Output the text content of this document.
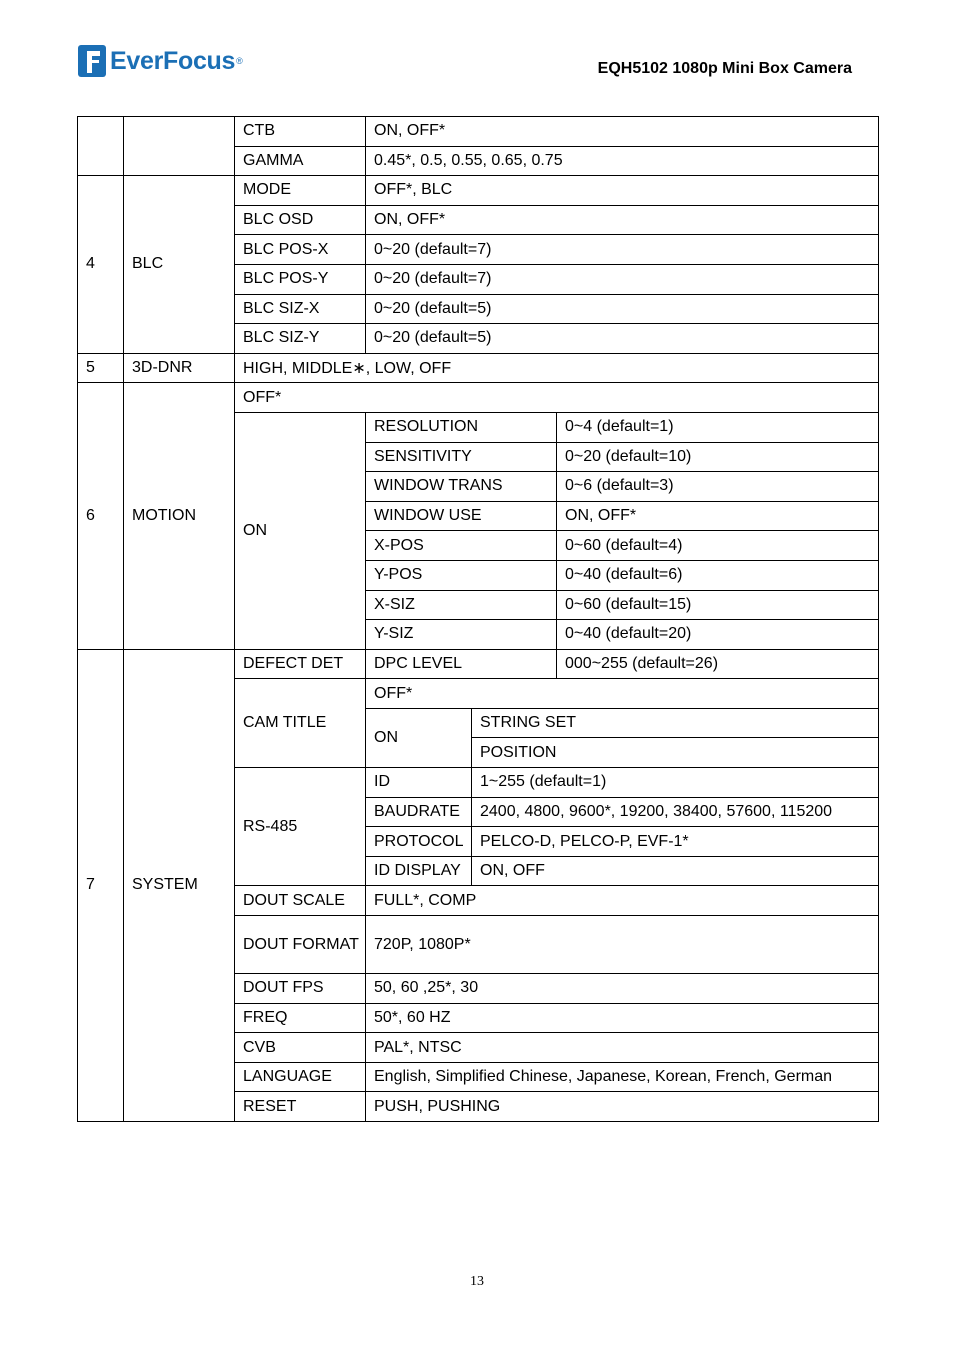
EverFocus ®	EQH5102 1080p Mini Box Camera
		CTB	ON, OFF*		
		GAMMA	0.45*, 0.5, 0.55, 0.65, 0.75		
4	BLC	MODE	OFF*, BLC		
		BLC OSD	ON, OFF*		
		BLC POS-X	0~20 (default=7)		
		BLC POS-Y	0~20 (default=7)		
		BLC SIZ-X	0~20 (default=5)		
		BLC SIZ-Y	0~20 (default=5)		
5	3D-DNR	HIGH, MIDDLE∗, LOW, OFF			
6	MOTION	OFF*			
		ON	RESOLUTION		0~4 (default=1)
			SENSITIVITY		0~20 (default=10)
			WINDOW TRANS		0~6 (default=3)
			WINDOW USE		ON, OFF*
			X-POS		0~60 (default=4)
			Y-POS		0~40 (default=6)
			X-SIZ		0~60 (default=15)
			Y-SIZ		0~40 (default=20)
7	SYSTEM	DEFECT DET	DPC LEVEL		000~255 (default=26)
		CAM TITLE	OFF*		
			ON	STRING SET	
				POSITION	
		RS-485	ID	1~255 (default=1)	
			BAUDRATE	2400, 4800, 9600*, 19200, 38400, 57600, 115200	
			PROTOCOL	PELCO-D, PELCO-P, EVF-1*	
			ID DISPLAY	ON, OFF	
		DOUT SCALE	FULL*, COMP		
		DOUT FORMAT	720P, 1080P*		
		DOUT FPS	50, 60 ,25*, 30		
		FREQ	50*, 60 HZ		
		CVB	PAL*, NTSC		
		LANGUAGE	English, Simplified Chinese, Japanese, Korean, French, German		
		RESET	PUSH, PUSHING		
13
